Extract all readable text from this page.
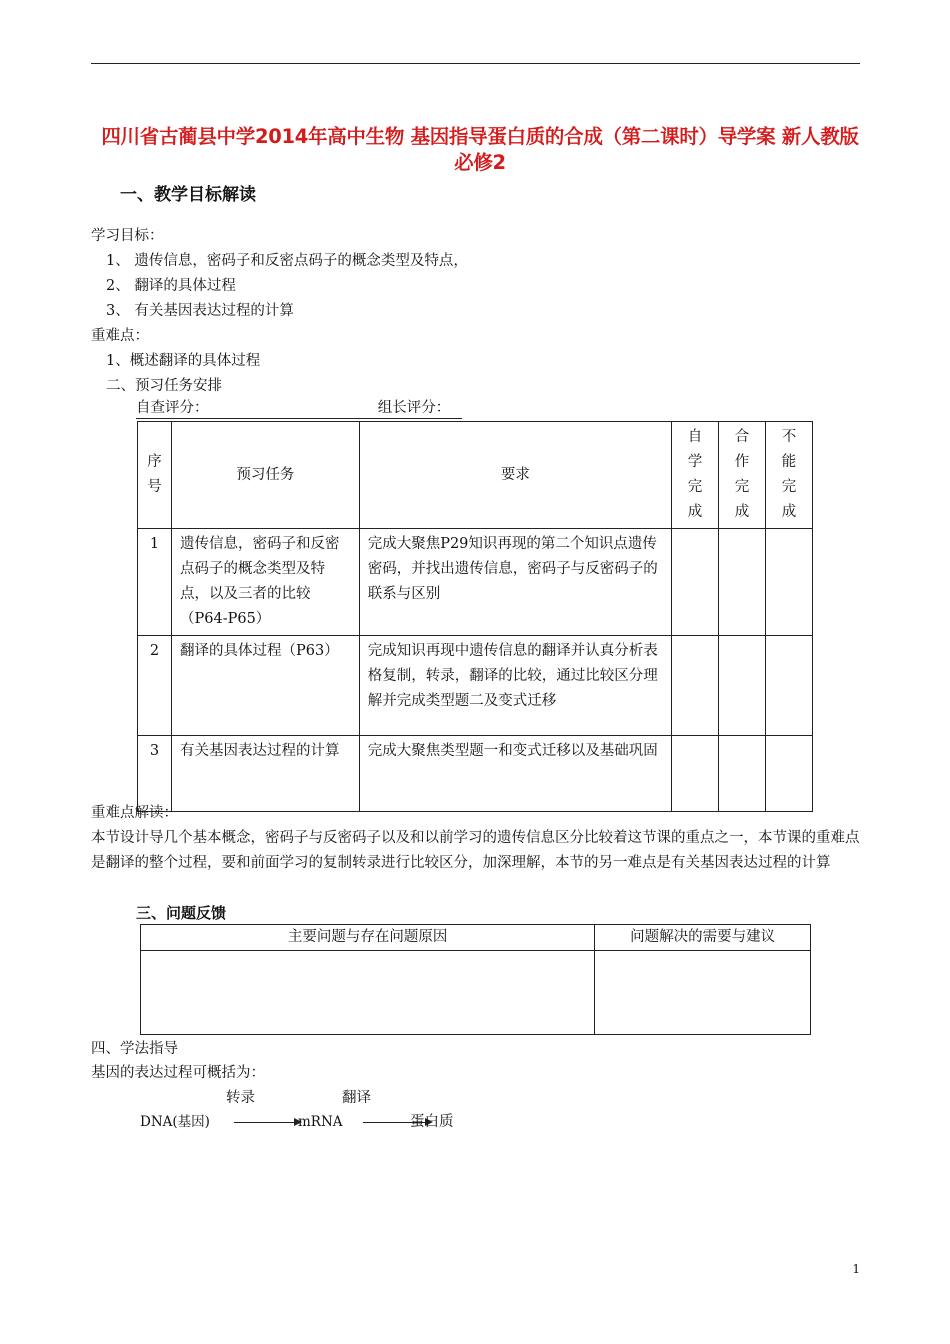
四川省古蔺县中学2014年高中生物 基因指导蛋白质的合成（第二课时）导学案 新人教版必修2
一、教学目标解读
学习目标：
1、 遗传信息，密码子和反密点码子的概念类型及特点，
2、 翻译的具体过程
3、 有关基因表达过程的计算
重难点：
1、概述翻译的具体过程
二、预习任务安排
自查评分：	组长评分：
序号	预习任务	要求	自学完成	合作完成	不能完成

1	遗传信息，密码子和反密点码子的概念类型及特点，以及三者的比较（P64-P65）	完成大聚焦P29知识再现的第二个知识点遗传密码，并找出遗传信息，密码子与反密码子的联系与区别			
2	翻译的具体过程（P63）	完成知识再现中遗传信息的翻译并认真分析表格复制，转录，翻译的比较，通过比较区分理解并完成类型题二及变式迁移			
3	有关基因表达过程的计算	完成大聚焦类型题一和变式迁移以及基础巩固			
重难点解读：
本节设计导几个基本概念，密码子与反密码子以及和以前学习的遗传信息区分比较着这节课的重点之一，本节课的重难点是翻译的整个过程，要和前面学习的复制转录进行比较区分，加深理解，本节的另一难点是有关基因表达过程的计算
三、问题反馈
主要问题与存在问题原因	问题解决的需要与建议

四、学法指导
基因的表达过程可概括为：
转录	翻译
DNA(基因)	mRNA	蛋白质
1
